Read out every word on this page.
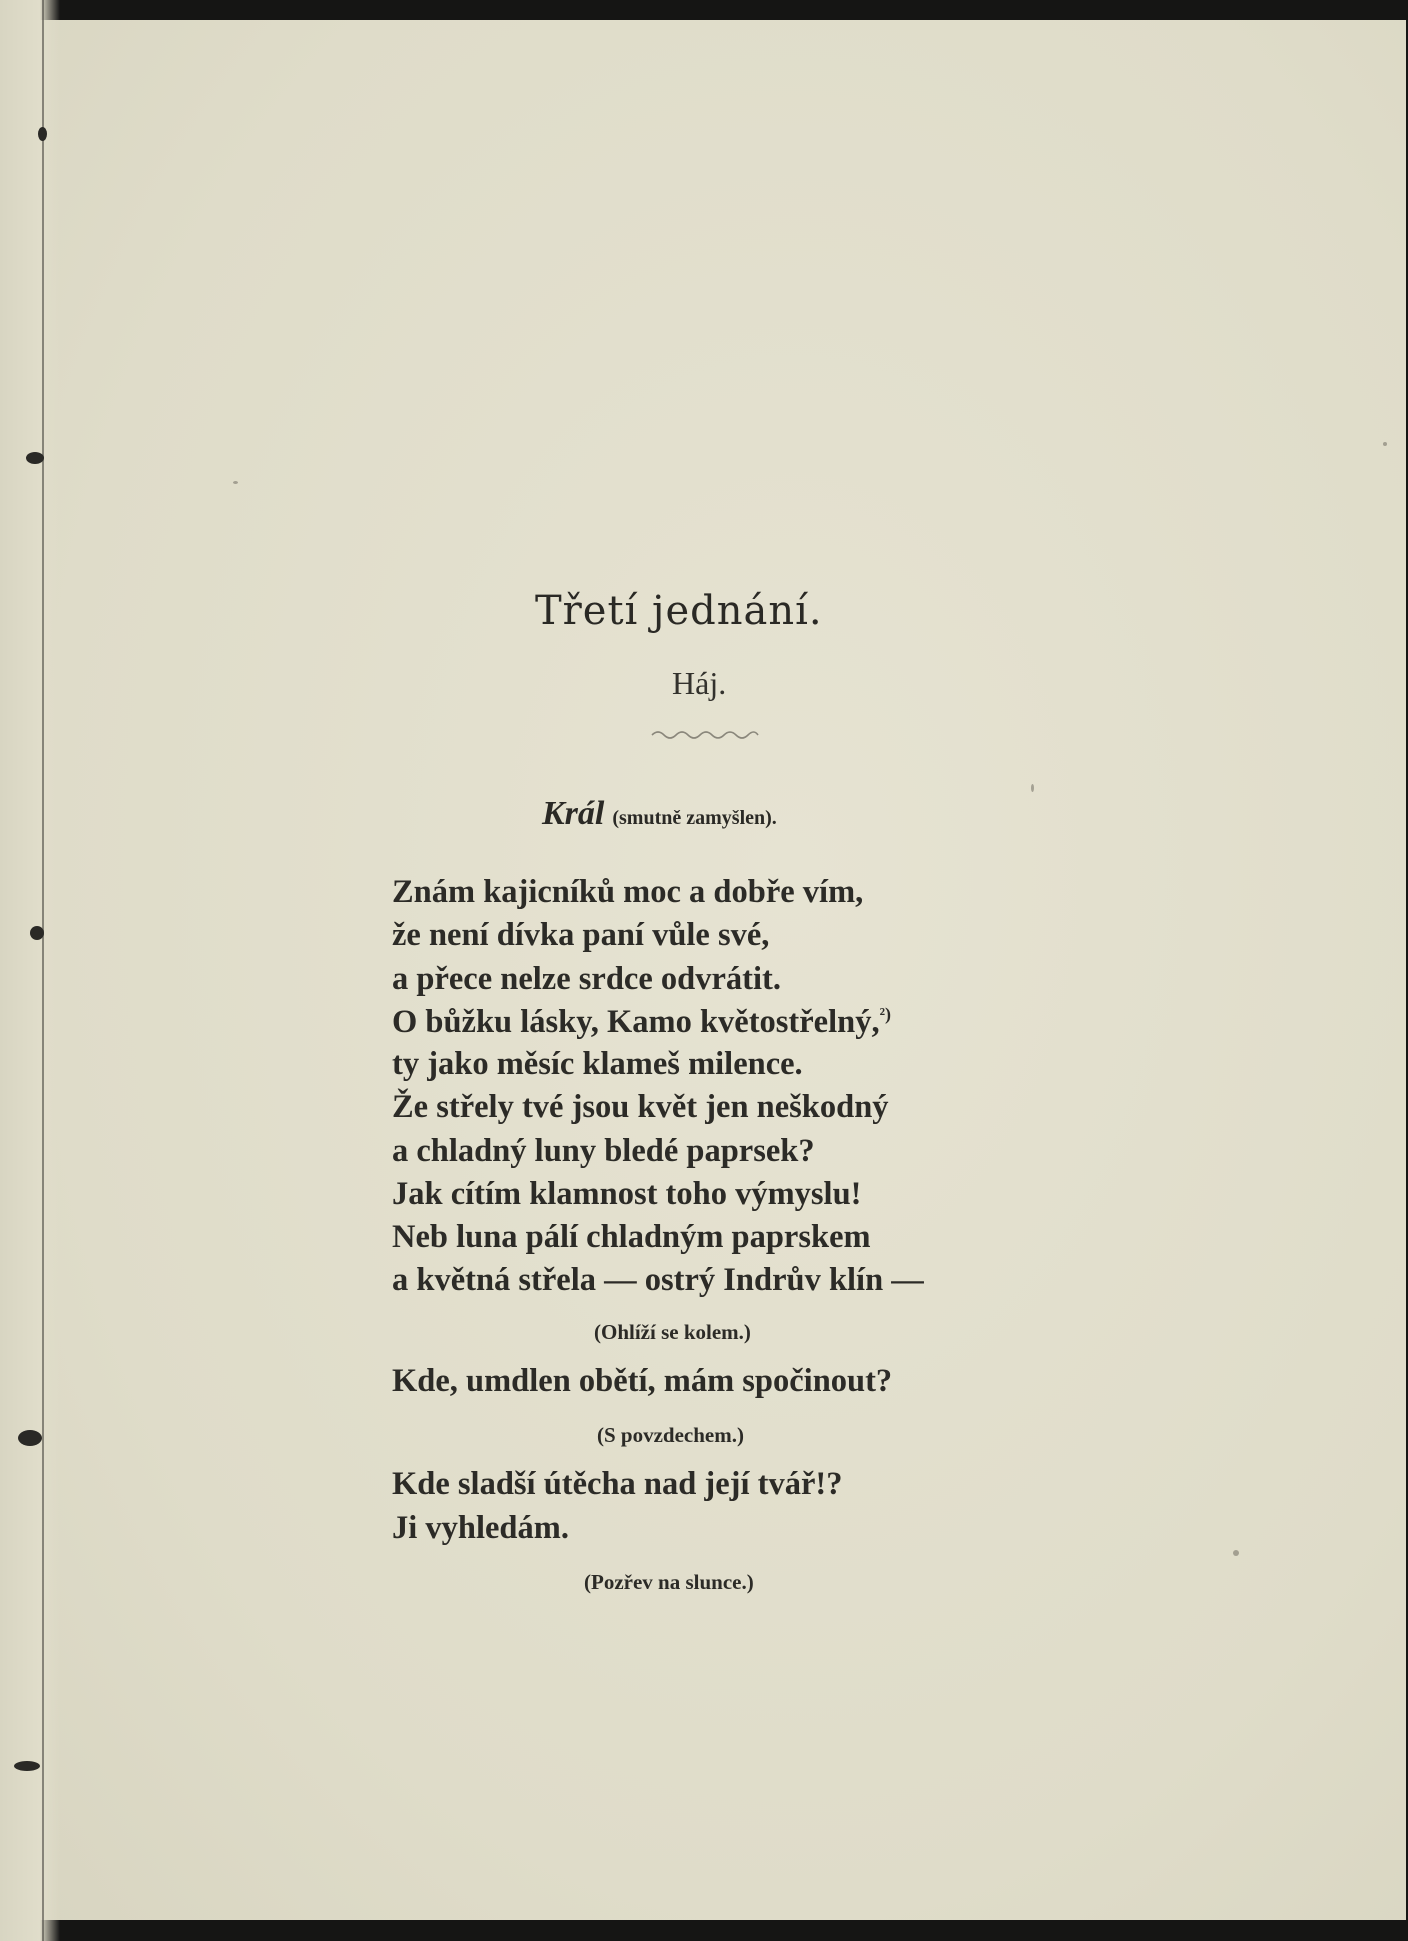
Třetí jednání.
Háj.
Král (smutně zamyšlen).

Znám kajicníků moc a dobře vím,

že není dívka paní vůle své,

a přece nelze srdce odvrátit.

O bůžku lásky, Kamo květostřelný,$^{^2)}$

ty jako měsíc klameš milence.

Že střely tvé jsou květ jen neškodný

a chladný luny bledé paprsek?

Jak cítím klamnost toho výmyslu!

Neb luna pálí chladným paprskem

a květná střela — ostrý Indrův klín —

(Ohlíží se kolem.)

Kde, umdlen obětí, mám spočinout?

(S povzdechem.)

Kde sladší útěcha nad její tvář!?

Ji vyhledám.

(Pozřev na slunce.)
